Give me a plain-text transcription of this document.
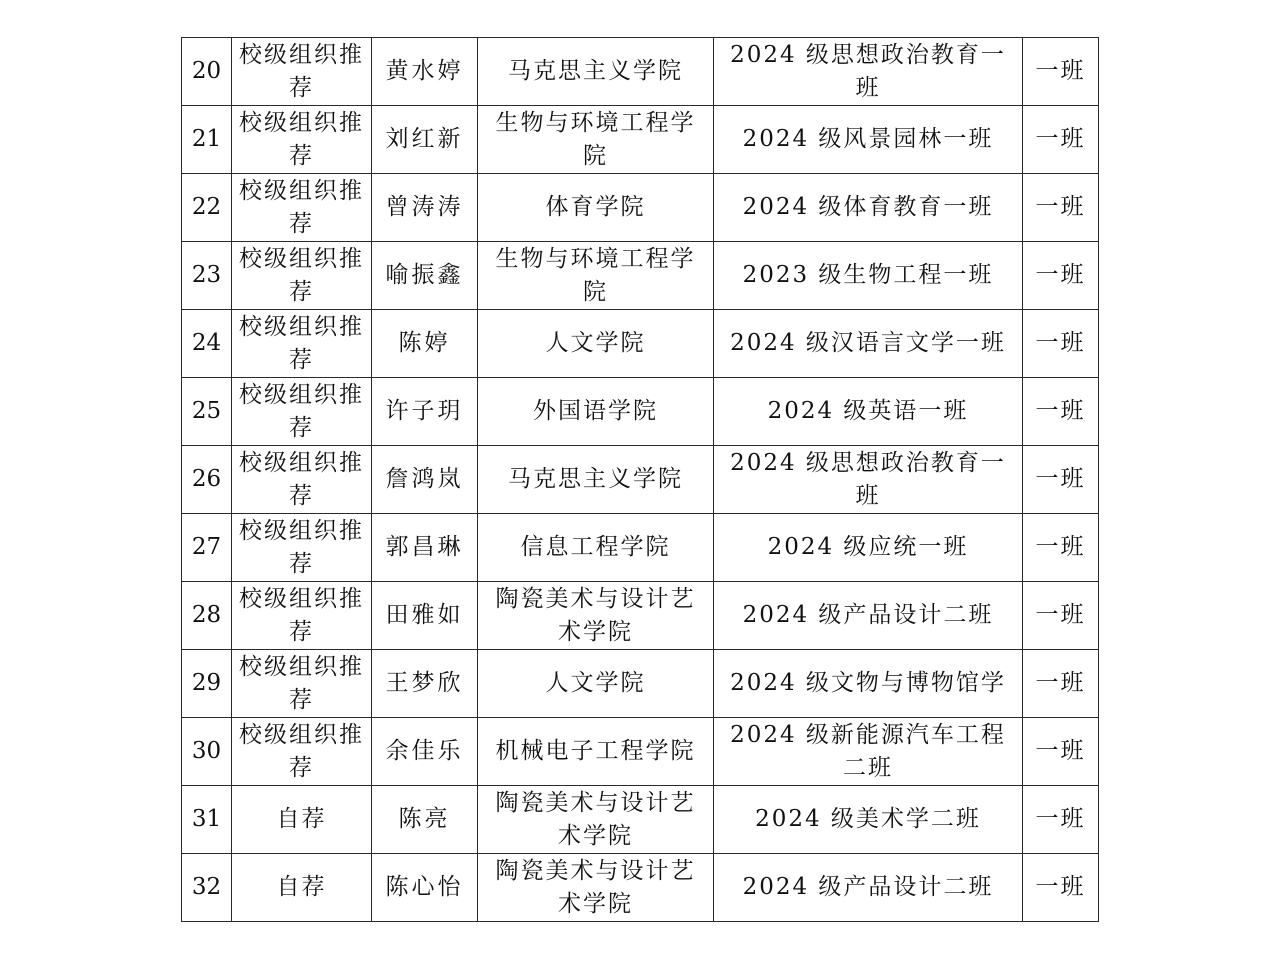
20	校级组织推荐	黄水婷	马克思主义学院	2024 级思想政治教育一班	一班
21	校级组织推荐	刘红新	生物与环境工程学院	2024 级风景园林一班	一班
22	校级组织推荐	曾涛涛	体育学院	2024 级体育教育一班	一班
23	校级组织推荐	喻振鑫	生物与环境工程学院	2023 级生物工程一班	一班
24	校级组织推荐	陈婷	人文学院	2024 级汉语言文学一班	一班
25	校级组织推荐	许子玥	外国语学院	2024 级英语一班	一班
26	校级组织推荐	詹鸿岚	马克思主义学院	2024 级思想政治教育一班	一班
27	校级组织推荐	郭昌琳	信息工程学院	2024 级应统一班	一班
28	校级组织推荐	田雅如	陶瓷美术与设计艺术学院	2024 级产品设计二班	一班
29	校级组织推荐	王梦欣	人文学院	2024 级文物与博物馆学	一班
30	校级组织推荐	余佳乐	机械电子工程学院	2024 级新能源汽车工程二班	一班
31	自荐	陈亮	陶瓷美术与设计艺术学院	2024 级美术学二班	一班
32	自荐	陈心怡	陶瓷美术与设计艺术学院	2024 级产品设计二班	一班
